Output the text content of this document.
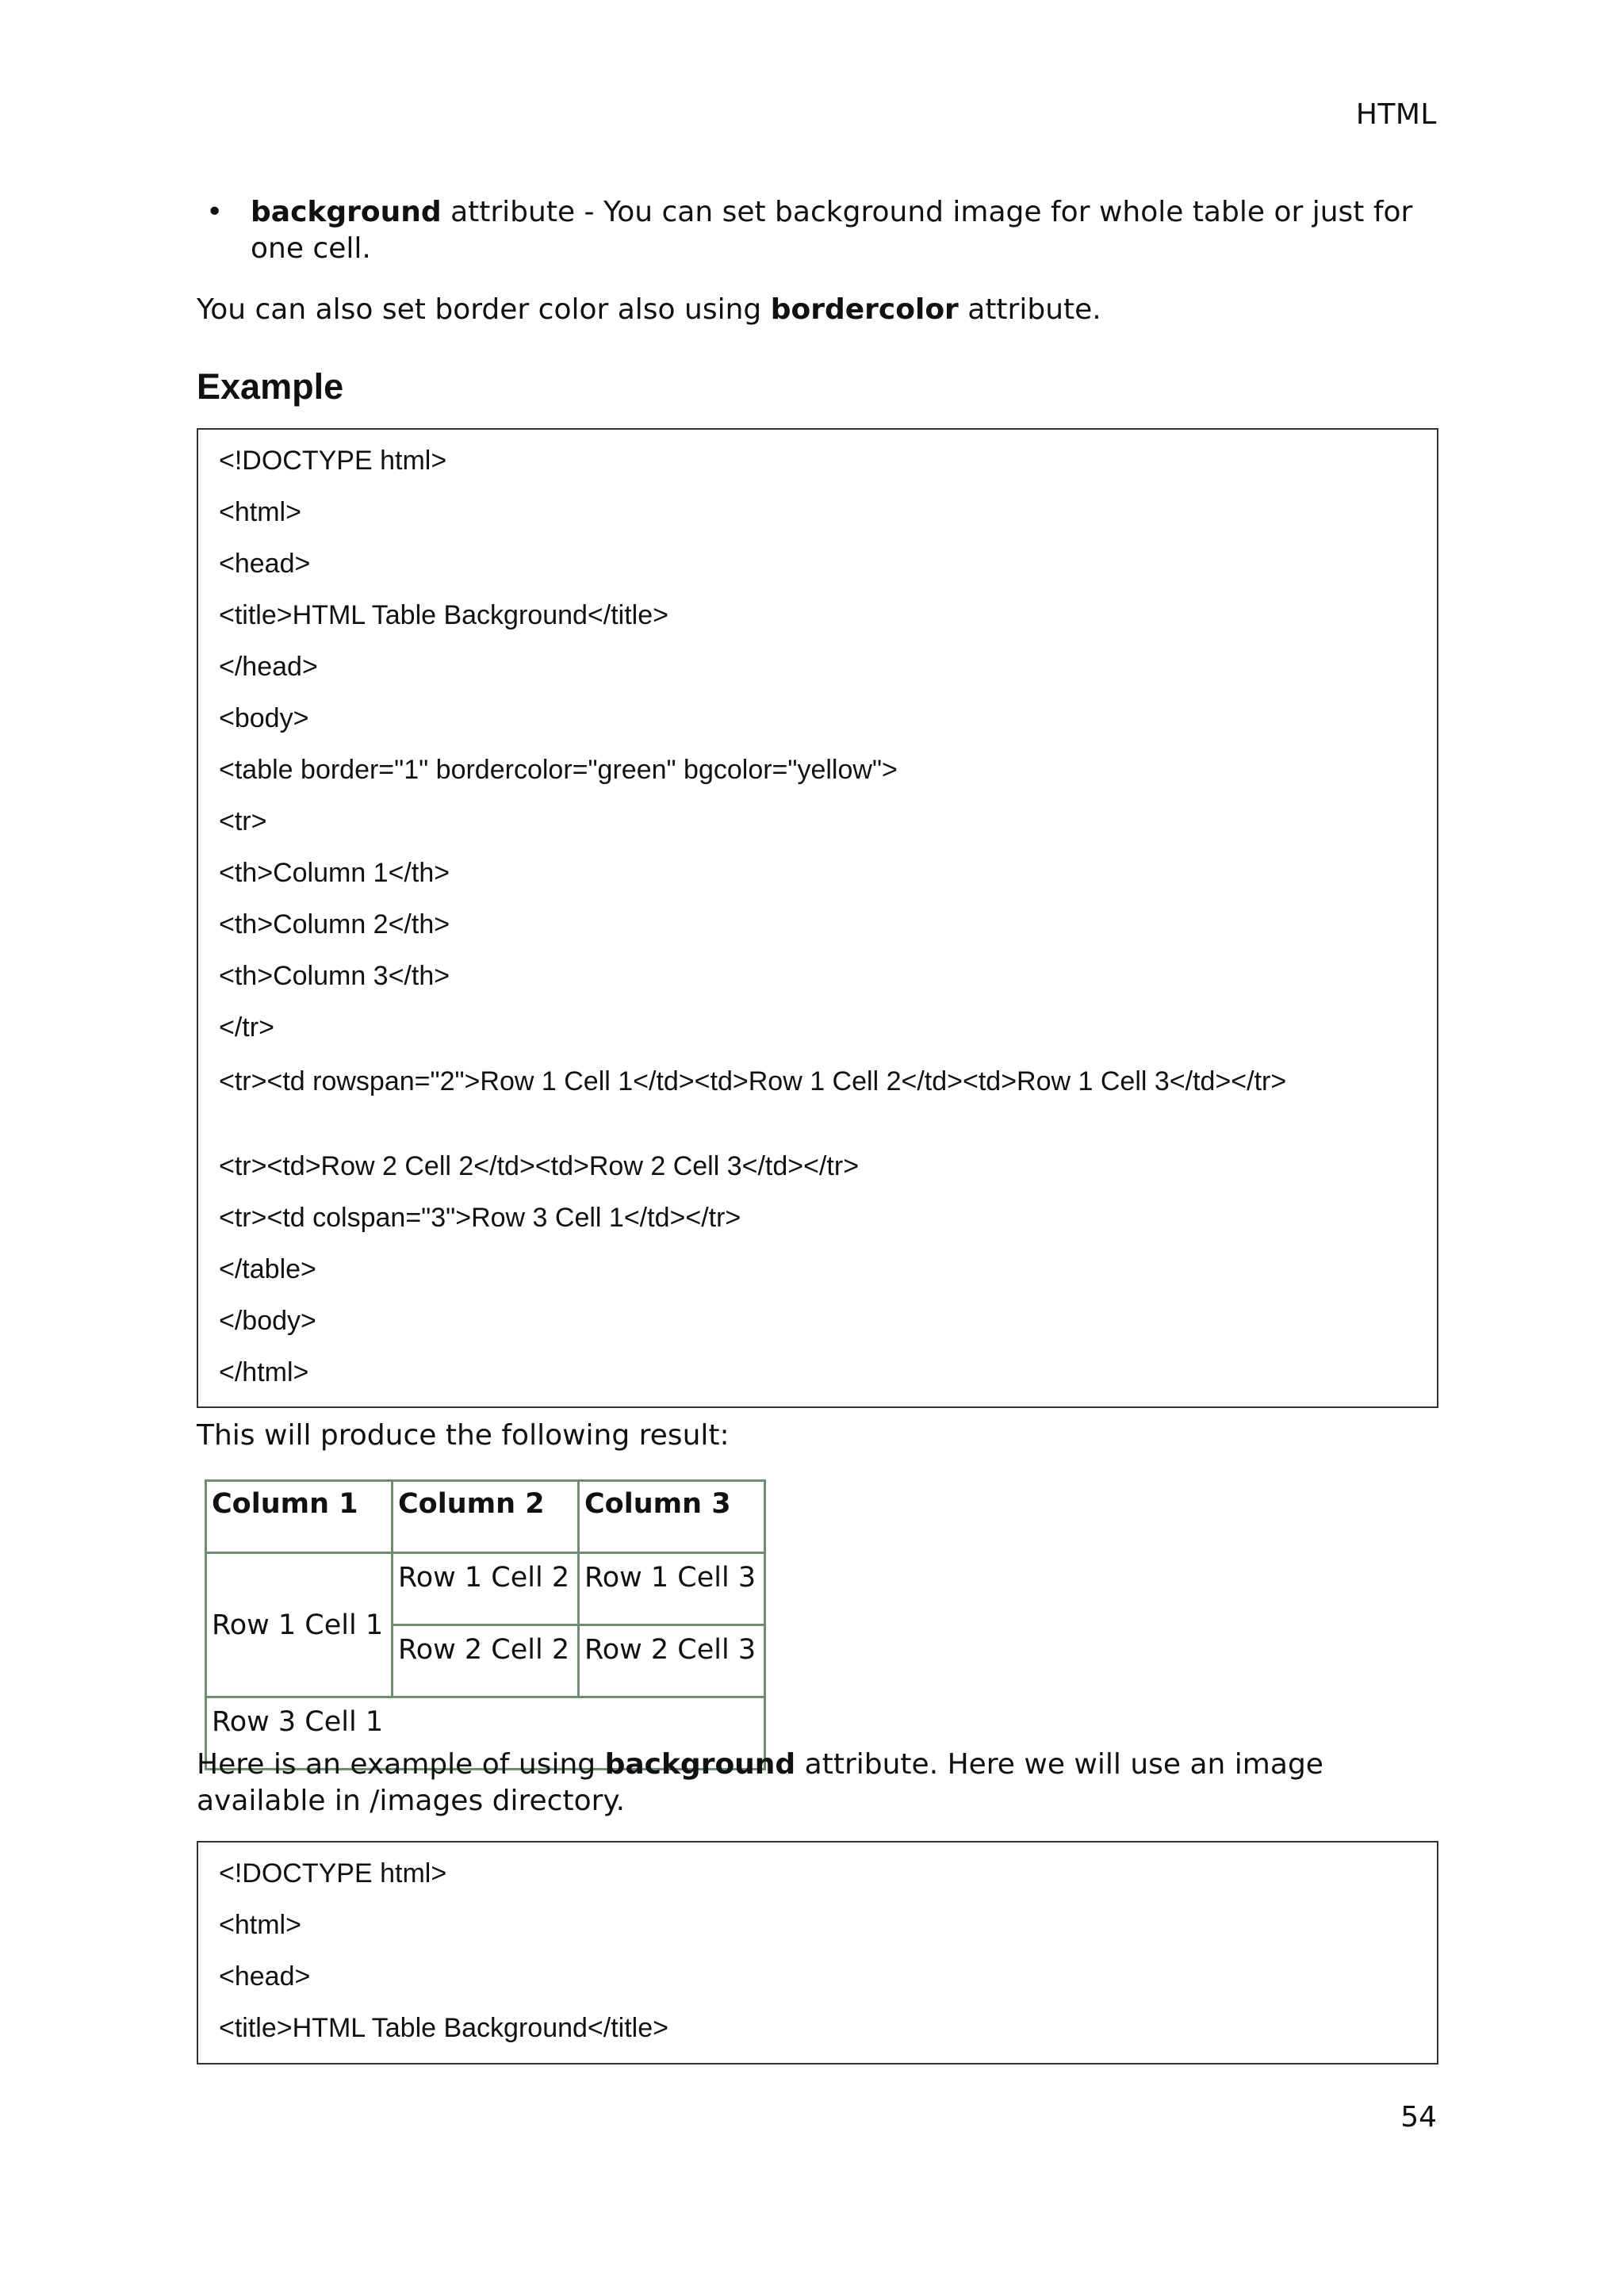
HTML
• background attribute - You can set background image for whole table or just for one cell.
You can also set border color also using bordercolor attribute.
Example
<!DOCTYPE html>
<html>
<head>
<title>HTML Table Background</title>
</head>
<body>
<table border="1" bordercolor="green" bgcolor="yellow">
<tr>
<th>Column 1</th>
<th>Column 2</th>
<th>Column 3</th>
</tr>
<tr><td rowspan="2">Row 1 Cell 1</td><td>Row 1 Cell 2</td><td>Row 1 Cell 3</td></tr>
<tr><td>Row 2 Cell 2</td><td>Row 2 Cell 3</td></tr>
<tr><td colspan="3">Row 3 Cell 1</td></tr>
</table>
</body>
</html>
This will produce the following result:
Column 1	Column 2	Column 3
Row 1 Cell 1	Row 1 Cell 2	Row 1 Cell 3
	Row 2 Cell 2	Row 2 Cell 3
Row 3 Cell 1		
Here is an example of using background attribute. Here we will use an image available in /images directory.
<!DOCTYPE html>
<html>
<head>
<title>HTML Table Background</title>
54
